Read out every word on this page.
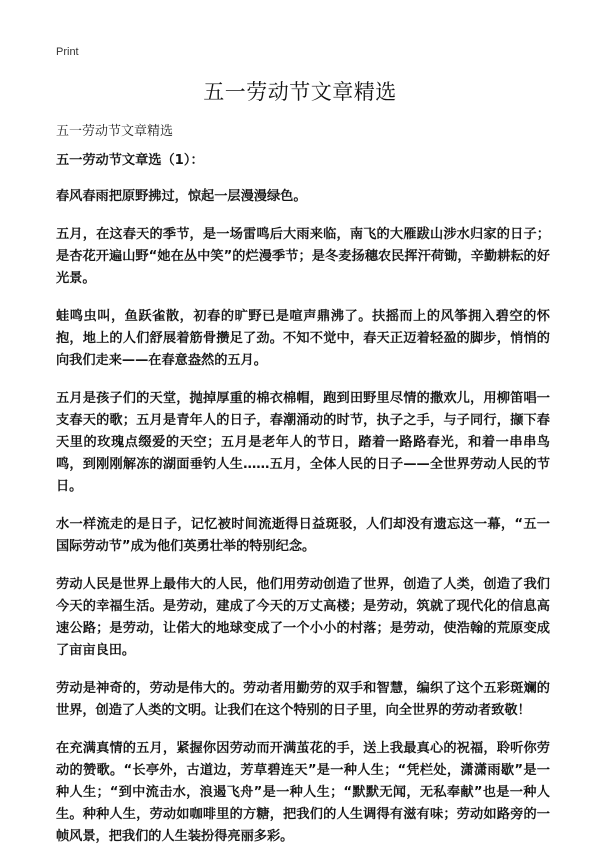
Print
五一劳动节文章精选

五一劳动节文章精选

五一劳动节文章选（1）：

春风春雨把原野拂过，惊起一层漫漫绿色。

五月，在这春天的季节，是一场雷鸣后大雨来临，南飞的大雁跋山涉水归家的日子；是杏花开遍山野“她在丛中笑”的烂漫季节；是冬麦扬穗农民挥汗荷锄，辛勤耕耘的好光景。

蛙鸣虫叫，鱼跃雀散，初春的旷野已是喧声鼎沸了。扶摇而上的风筝拥入碧空的怀抱，地上的人们舒展着筋骨攒足了劲。不知不觉中，春天正迈着轻盈的脚步，悄悄的向我们走来——在春意盎然的五月。

五月是孩子们的天堂，抛掉厚重的棉衣棉帽，跑到田野里尽情的撒欢儿，用柳笛唱一支春天的歌；五月是青年人的日子，春潮涌动的时节，执子之手，与子同行，撷下春天里的玫瑰点缀爱的天空；五月是老年人的节日，踏着一路路春光，和着一串串鸟鸣，到刚刚解冻的湖面垂钓人生……五月，全体人民的日子——全世界劳动人民的节日。

水一样流走的是日子，记忆被时间流逝得日益斑驳，人们却没有遗忘这一幕，“五一国际劳动节”成为他们英勇壮举的特别纪念。

劳动人民是世界上最伟大的人民，他们用劳动创造了世界，创造了人类，创造了我们今天的幸福生活。是劳动，建成了今天的万丈高楼；是劳动，筑就了现代化的信息高速公路；是劳动，让偌大的地球变成了一个小小的村落；是劳动，使浩翰的荒原变成了亩亩良田。

劳动是神奇的，劳动是伟大的。劳动者用勤劳的双手和智慧，编织了这个五彩斑斓的世界，创造了人类的文明。让我们在这个特别的日子里，向全世界的劳动者致敬！

在充满真情的五月，紧握你因劳动而开满茧花的手，送上我最真心的祝福，聆听你劳动的赞歌。“长亭外，古道边，芳草碧连天”是一种人生；“凭栏处，潇潇雨歇”是一种人生；“到中流击水，浪遏飞舟”是一种人生；“默默无闻，无私奉献”也是一种人生。种种人生，劳动如咖啡里的方糖，把我们的人生调得有滋有味；劳动如路旁的一帧风景，把我们的人生装扮得亮丽多彩。
